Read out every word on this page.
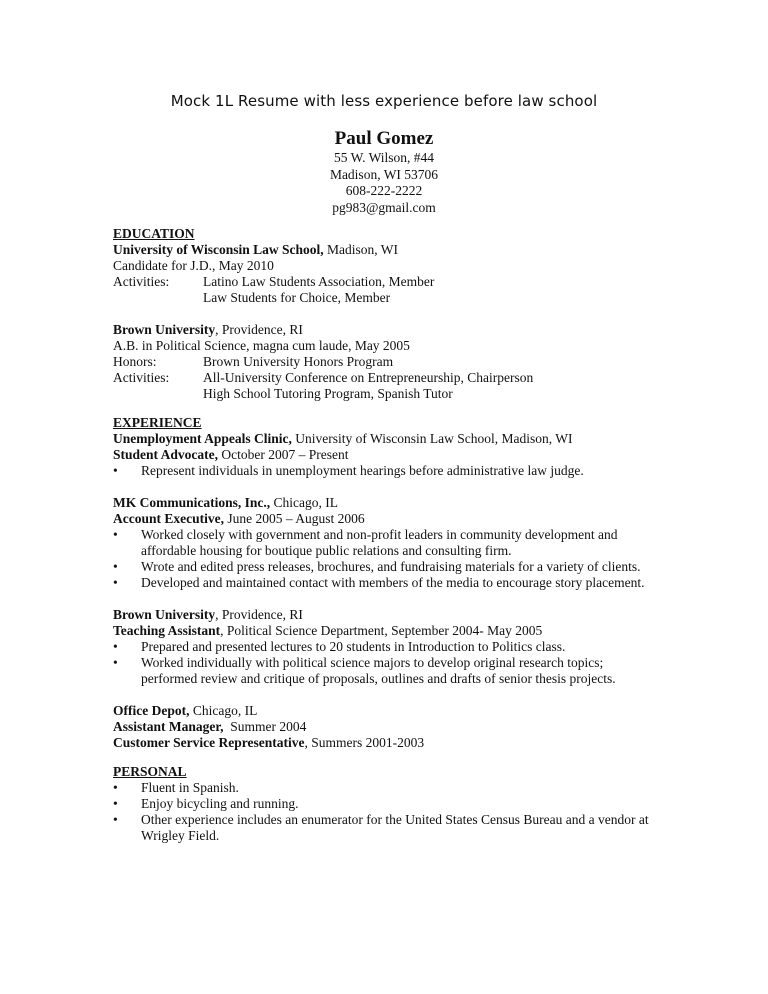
Mock 1L Resume with less experience before law school
Paul Gomez
55 W. Wilson, #44
Madison, WI 53706
608-222-2222
pg983@gmail.com
EDUCATION
University of Wisconsin Law School, Madison, WI
Candidate for J.D., May 2010
Activities:	Latino Law Students Association, Member
Law Students for Choice, Member
Brown University, Providence, RI
A.B. in Political Science, magna cum laude, May 2005
Honors:	Brown University Honors Program
Activities:	All-University Conference on Entrepreneurship, Chairperson
High School Tutoring Program, Spanish Tutor
EXPERIENCE
Unemployment Appeals Clinic, University of Wisconsin Law School, Madison, WI
Student Advocate, October 2007 – Present
•	Represent individuals in unemployment hearings before administrative law judge.
MK Communications, Inc., Chicago, IL
Account Executive, June 2005 – August 2006
•	Worked closely with government and non-profit leaders in community development and affordable housing for boutique public relations and consulting firm.
•	Wrote and edited press releases, brochures, and fundraising materials for a variety of clients.
•	Developed and maintained contact with members of the media to encourage story placement.
Brown University, Providence, RI
Teaching Assistant, Political Science Department, September 2004- May 2005
•	Prepared and presented lectures to 20 students in Introduction to Politics class.
•	Worked individually with political science majors to develop original research topics; performed review and critique of proposals, outlines and drafts of senior thesis projects.
Office Depot, Chicago, IL
Assistant Manager,  Summer 2004
Customer Service Representative, Summers 2001-2003
PERSONAL
•	Fluent in Spanish.
•	Enjoy bicycling and running.
•	Other experience includes an enumerator for the United States Census Bureau and a vendor at Wrigley Field.
